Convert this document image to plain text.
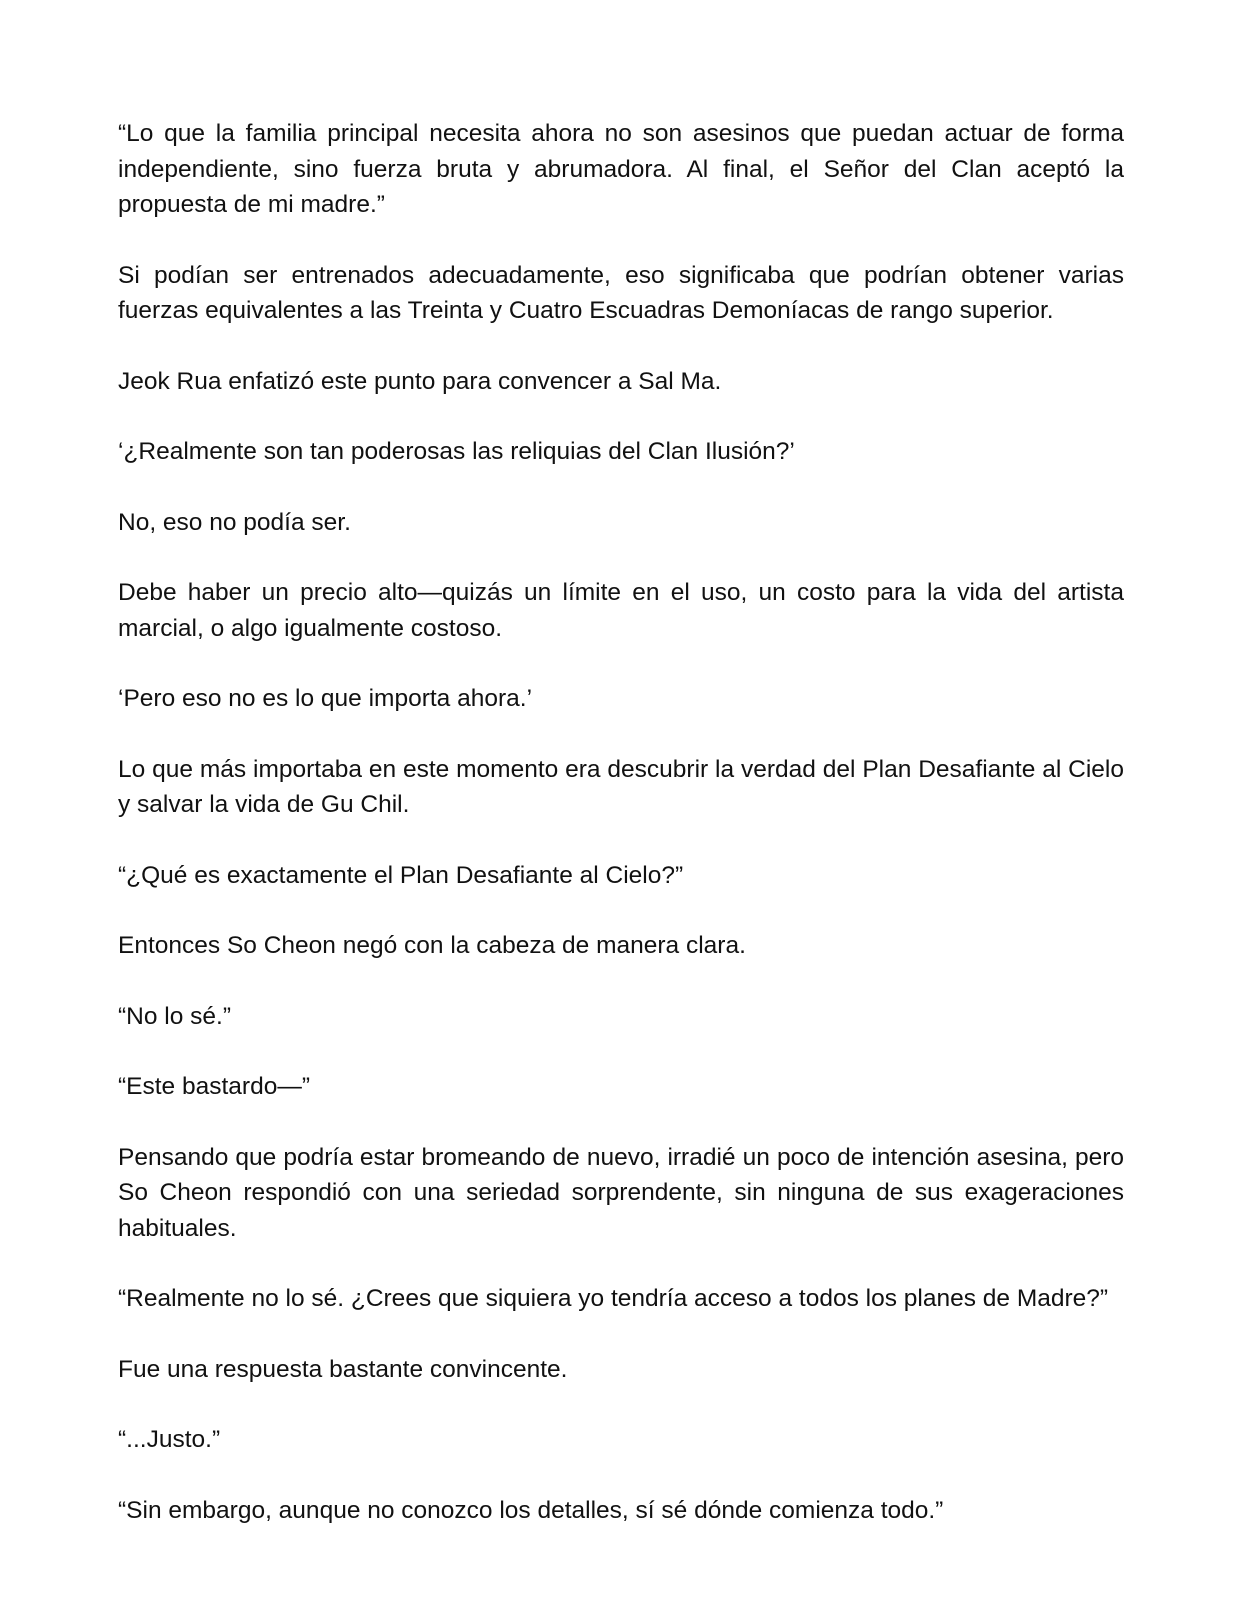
“Lo que la familia principal necesita ahora no son asesinos que puedan actuar de forma independiente, sino fuerza bruta y abrumadora. Al final, el Señor del Clan aceptó la propuesta de mi madre.”

Si podían ser entrenados adecuadamente, eso significaba que podrían obtener varias fuerzas equivalentes a las Treinta y Cuatro Escuadras Demoníacas de rango superior.

Jeok Rua enfatizó este punto para convencer a Sal Ma.

‘¿Realmente son tan poderosas las reliquias del Clan Ilusión?’

No, eso no podía ser.

Debe haber un precio alto—quizás un límite en el uso, un costo para la vida del artista marcial, o algo igualmente costoso.

‘Pero eso no es lo que importa ahora.’

Lo que más importaba en este momento era descubrir la verdad del Plan Desafiante al Cielo y salvar la vida de Gu Chil.

“¿Qué es exactamente el Plan Desafiante al Cielo?”

Entonces So Cheon negó con la cabeza de manera clara.

“No lo sé.”

“Este bastardo—”

Pensando que podría estar bromeando de nuevo, irradié un poco de intención asesina, pero So Cheon respondió con una seriedad sorprendente, sin ninguna de sus exageraciones habituales.

“Realmente no lo sé. ¿Crees que siquiera yo tendría acceso a todos los planes de Madre?”

Fue una respuesta bastante convincente.

“...Justo.”

“Sin embargo, aunque no conozco los detalles, sí sé dónde comienza todo.”
